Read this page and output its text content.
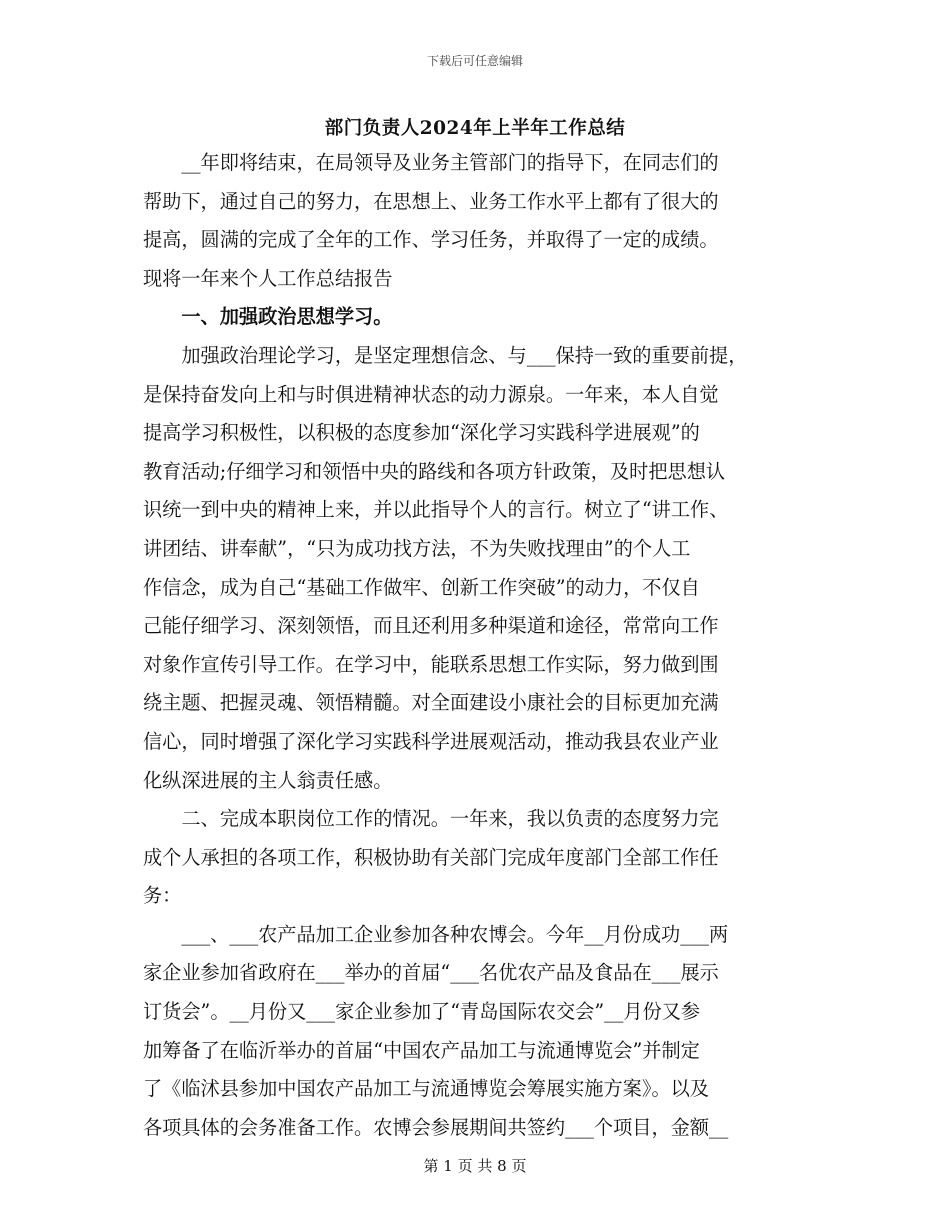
下载后可任意编辑
部门负责人2024年上半年工作总结
　　__年即将结束，在局领导及业务主管部门的指导下，在同志们的
帮助下，通过自己的努力，在思想上、业务工作水平上都有了很大的
提高，圆满的完成了全年的工作、学习任务，并取得了一定的成绩。
现将一年来个人工作总结报告
　　一、加强政治思想学习。
　　加强政治理论学习，是坚定理想信念、与___保持一致的重要前提，
是保持奋发向上和与时俱进精神状态的动力源泉。一年来，本人自觉
提高学习积极性，以积极的态度参加“深化学习实践科学进展观”的
教育活动;仔细学习和领悟中央的路线和各项方针政策，及时把思想认
识统一到中央的精神上来，并以此指导个人的言行。树立了“讲工作、
讲团结、讲奉献”，“只为成功找方法，不为失败找理由”的个人工
作信念，成为自己“基础工作做牢、创新工作突破”的动力，不仅自
己能仔细学习、深刻领悟，而且还利用多种渠道和途径，常常向工作
对象作宣传引导工作。在学习中，能联系思想工作实际，努力做到围
绕主题、把握灵魂、领悟精髓。对全面建设小康社会的目标更加充满
信心，同时增强了深化学习实践科学进展观活动，推动我县农业产业
化纵深进展的主人翁责任感。
　　二、完成本职岗位工作的情况。一年来，我以负责的态度努力完
成个人承担的各项工作，积极协助有关部门完成年度部门全部工作任
务：
　　___、___农产品加工企业参加各种农博会。今年__月份成功___两
家企业参加省政府在___举办的首届“___名优农产品及食品在___展示
订货会”。__月份又___家企业参加了“青岛国际农交会”__月份又参
加筹备了在临沂举办的首届“中国农产品加工与流通博览会”并制定
了《临沭县参加中国农产品加工与流通博览会筹展实施方案》。以及
各项具体的会务准备工作。农博会参展期间共签约___个项目，金额__
第 1 页 共 8 页
